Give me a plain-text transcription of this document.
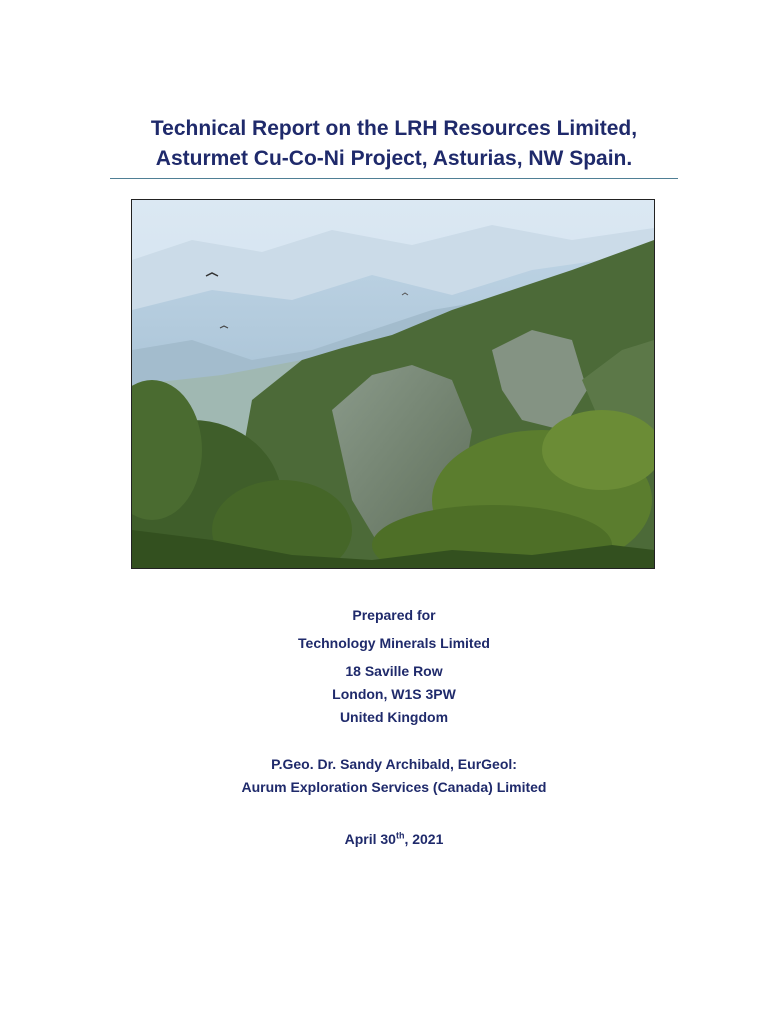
Technical Report on the LRH Resources Limited,
Asturmet Cu-Co-Ni Project, Asturias, NW Spain.
Prepared for
Technology Minerals Limited
18 Saville Row
London, W1S 3PW
United Kingdom
P.Geo. Dr. Sandy Archibald, EurGeol:
Aurum Exploration Services (Canada) Limited
April 30th, 2021
